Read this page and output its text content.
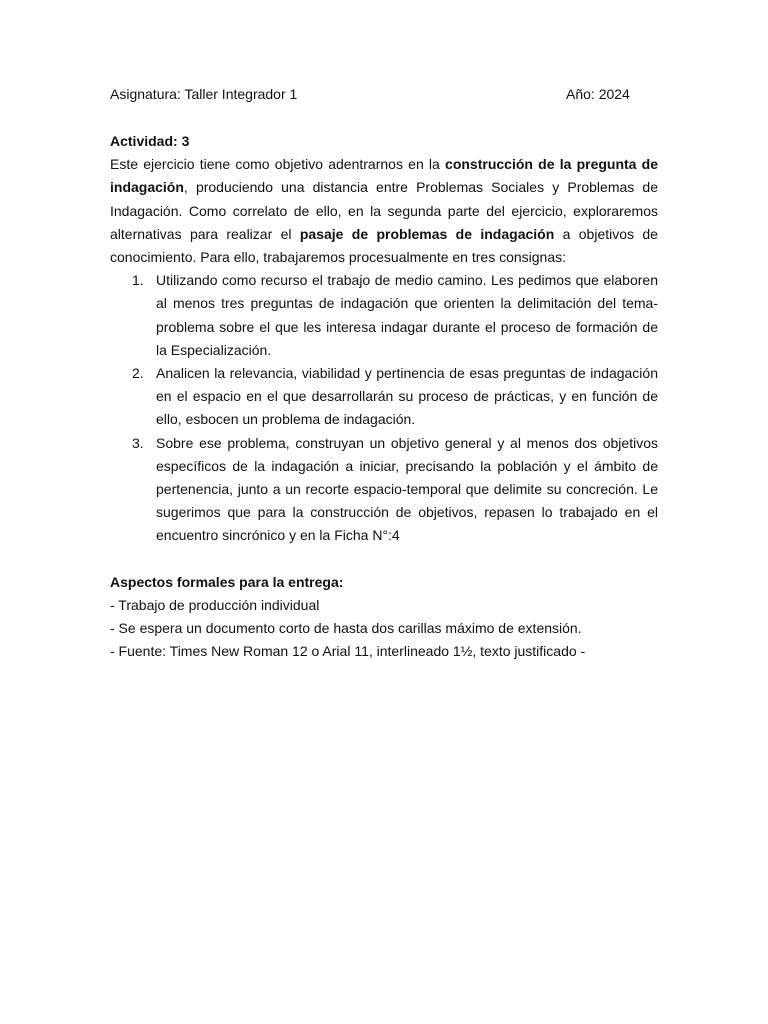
Asignatura: Taller Integrador 1	Año: 2024
Actividad: 3
Este ejercicio tiene como objetivo adentrarnos en la construcción de la pregunta de indagación, produciendo una distancia entre Problemas Sociales y Problemas de Indagación. Como correlato de ello, en la segunda parte del ejercicio, exploraremos alternativas para realizar el pasaje de problemas de indagación a objetivos de conocimiento. Para ello, trabajaremos procesualmente en tres consignas:
1. Utilizando como recurso el trabajo de medio camino. Les pedimos que elaboren al menos tres preguntas de indagación que orienten la delimitación del tema-problema sobre el que les interesa indagar durante el proceso de formación de la Especialización.
2. Analicen la relevancia, viabilidad y pertinencia de esas preguntas de indagación en el espacio en el que desarrollarán su proceso de prácticas, y en función de ello, esbocen un problema de indagación.
3. Sobre ese problema, construyan un objetivo general y al menos dos objetivos específicos de la indagación a iniciar, precisando la población y el ámbito de pertenencia, junto a un recorte espacio-temporal que delimite su concreción. Le sugerimos que para la construcción de objetivos, repasen lo trabajado en el encuentro sincrónico y en la Ficha N°:4
Aspectos formales para la entrega:
- Trabajo de producción individual
- Se espera un documento corto de hasta dos carillas máximo de extensión.
- Fuente: Times New Roman 12 o Arial 11, interlineado 1½, texto justificado -
